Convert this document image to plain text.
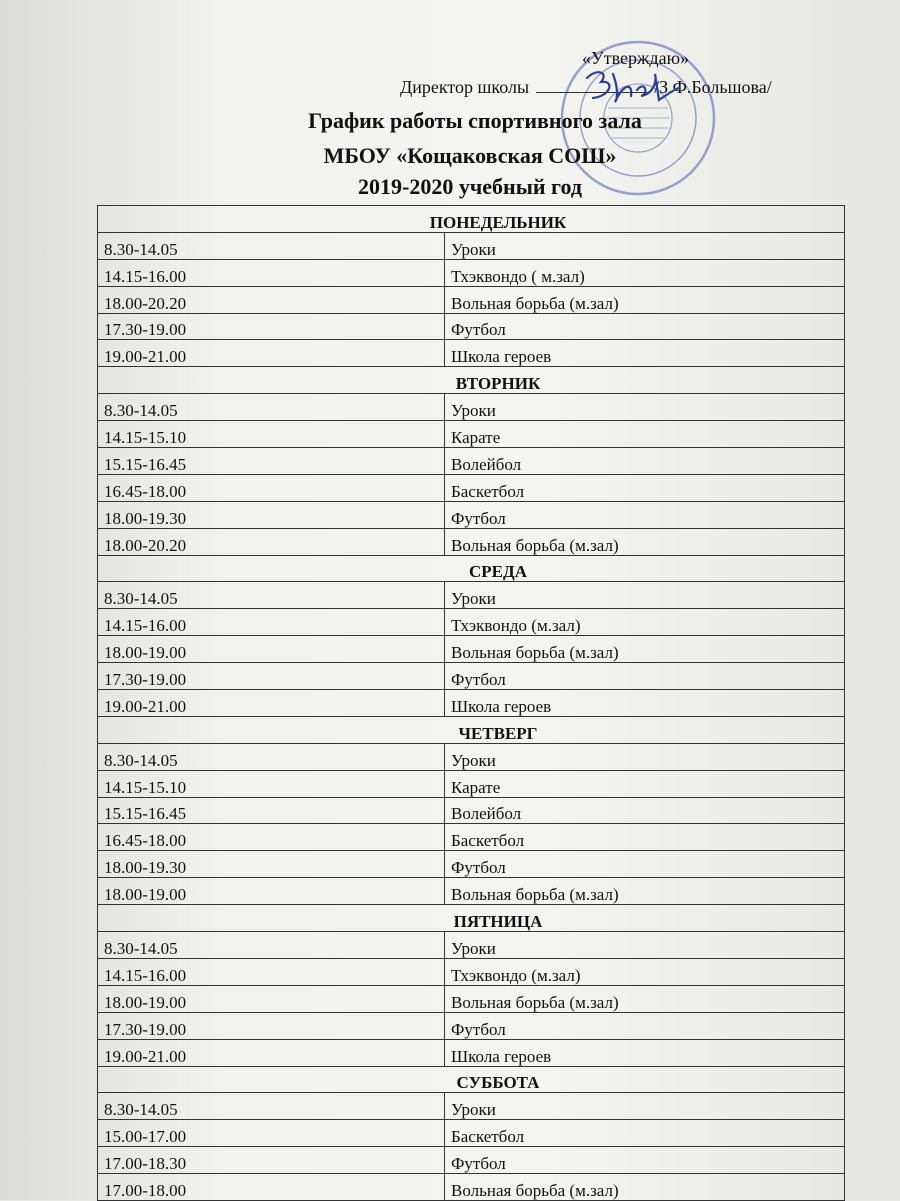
«Утверждаю»
Директор школы	/З.Ф.Большова/
График работы спортивного зала
МБОУ «Кощаковская СОШ»
2019-2020 учебный год
ПОНЕДЕЛЬНИК	
8.30-14.05	Уроки
14.15-16.00	Тхэквондо ( м.зал)
18.00-20.20	Вольная борьба (м.зал)
17.30-19.00	Футбол
19.00-21.00	Школа героев
ВТОРНИК	
8.30-14.05	Уроки
14.15-15.10	Карате
15.15-16.45	Волейбол
16.45-18.00	Баскетбол
18.00-19.30	Футбол
18.00-20.20	Вольная борьба (м.зал)
СРЕДА	
8.30-14.05	Уроки
14.15-16.00	Тхэквондо (м.зал)
18.00-19.00	Вольная борьба (м.зал)
17.30-19.00	Футбол
19.00-21.00	Школа героев
ЧЕТВЕРГ	
8.30-14.05	Уроки
14.15-15.10	Карате
15.15-16.45	Волейбол
16.45-18.00	Баскетбол
18.00-19.30	Футбол
18.00-19.00	Вольная борьба (м.зал)
ПЯТНИЦА	
8.30-14.05	Уроки
14.15-16.00	Тхэквондо (м.зал)
18.00-19.00	Вольная борьба (м.зал)
17.30-19.00	Футбол
19.00-21.00	Школа героев
СУББОТА	
8.30-14.05	Уроки
15.00-17.00	Баскетбол
17.00-18.30	Футбол
17.00-18.00	Вольная борьба (м.зал)
